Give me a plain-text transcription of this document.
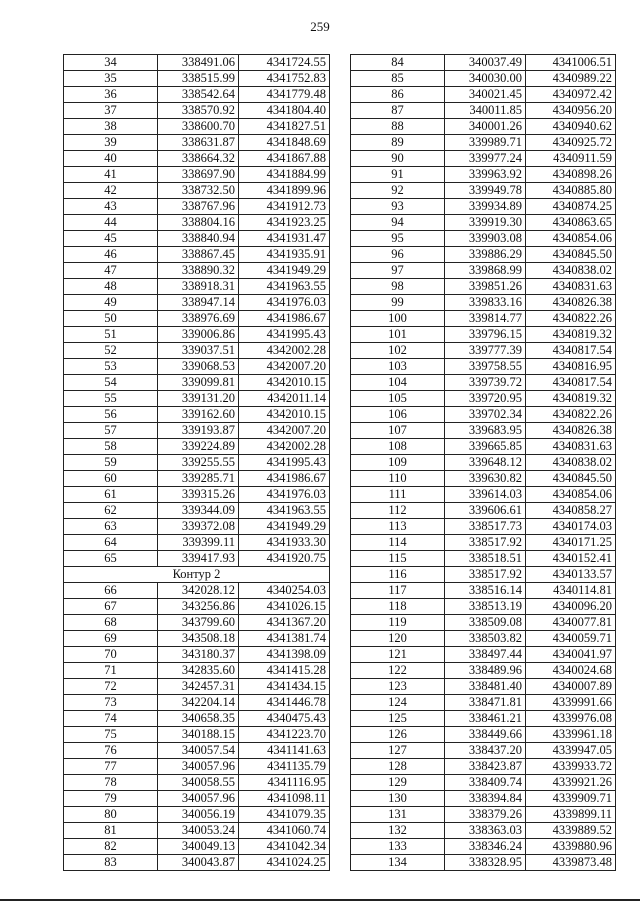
259
34	338491.06	4341724.55
35	338515.99	4341752.83
36	338542.64	4341779.48
37	338570.92	4341804.40
38	338600.70	4341827.51
39	338631.87	4341848.69
40	338664.32	4341867.88
41	338697.90	4341884.99
42	338732.50	4341899.96
43	338767.96	4341912.73
44	338804.16	4341923.25
45	338840.94	4341931.47
46	338867.45	4341935.91
47	338890.32	4341949.29
48	338918.31	4341963.55
49	338947.14	4341976.03
50	338976.69	4341986.67
51	339006.86	4341995.43
52	339037.51	4342002.28
53	339068.53	4342007.20
54	339099.81	4342010.15
55	339131.20	4342011.14
56	339162.60	4342010.15
57	339193.87	4342007.20
58	339224.89	4342002.28
59	339255.55	4341995.43
60	339285.71	4341986.67
61	339315.26	4341976.03
62	339344.09	4341963.55
63	339372.08	4341949.29
64	339399.11	4341933.30
65	339417.93	4341920.75
Контур 2		
66	342028.12	4340254.03
67	343256.86	4341026.15
68	343799.60	4341367.20
69	343508.18	4341381.74
70	343180.37	4341398.09
71	342835.60	4341415.28
72	342457.31	4341434.15
73	342204.14	4341446.78
74	340658.35	4340475.43
75	340188.15	4341223.70
76	340057.54	4341141.63
77	340057.96	4341135.79
78	340058.55	4341116.95
79	340057.96	4341098.11
80	340056.19	4341079.35
81	340053.24	4341060.74
82	340049.13	4341042.34
83	340043.87	4341024.25
84	340037.49	4341006.51
85	340030.00	4340989.22
86	340021.45	4340972.42
87	340011.85	4340956.20
88	340001.26	4340940.62
89	339989.71	4340925.72
90	339977.24	4340911.59
91	339963.92	4340898.26
92	339949.78	4340885.80
93	339934.89	4340874.25
94	339919.30	4340863.65
95	339903.08	4340854.06
96	339886.29	4340845.50
97	339868.99	4340838.02
98	339851.26	4340831.63
99	339833.16	4340826.38
100	339814.77	4340822.26
101	339796.15	4340819.32
102	339777.39	4340817.54
103	339758.55	4340816.95
104	339739.72	4340817.54
105	339720.95	4340819.32
106	339702.34	4340822.26
107	339683.95	4340826.38
108	339665.85	4340831.63
109	339648.12	4340838.02
110	339630.82	4340845.50
111	339614.03	4340854.06
112	339606.61	4340858.27
113	338517.73	4340174.03
114	338517.92	4340171.25
115	338518.51	4340152.41
116	338517.92	4340133.57
117	338516.14	4340114.81
118	338513.19	4340096.20
119	338509.08	4340077.81
120	338503.82	4340059.71
121	338497.44	4340041.97
122	338489.96	4340024.68
123	338481.40	4340007.89
124	338471.81	4339991.66
125	338461.21	4339976.08
126	338449.66	4339961.18
127	338437.20	4339947.05
128	338423.87	4339933.72
129	338409.74	4339921.26
130	338394.84	4339909.71
131	338379.26	4339899.11
132	338363.03	4339889.52
133	338346.24	4339880.96
134	338328.95	4339873.48
